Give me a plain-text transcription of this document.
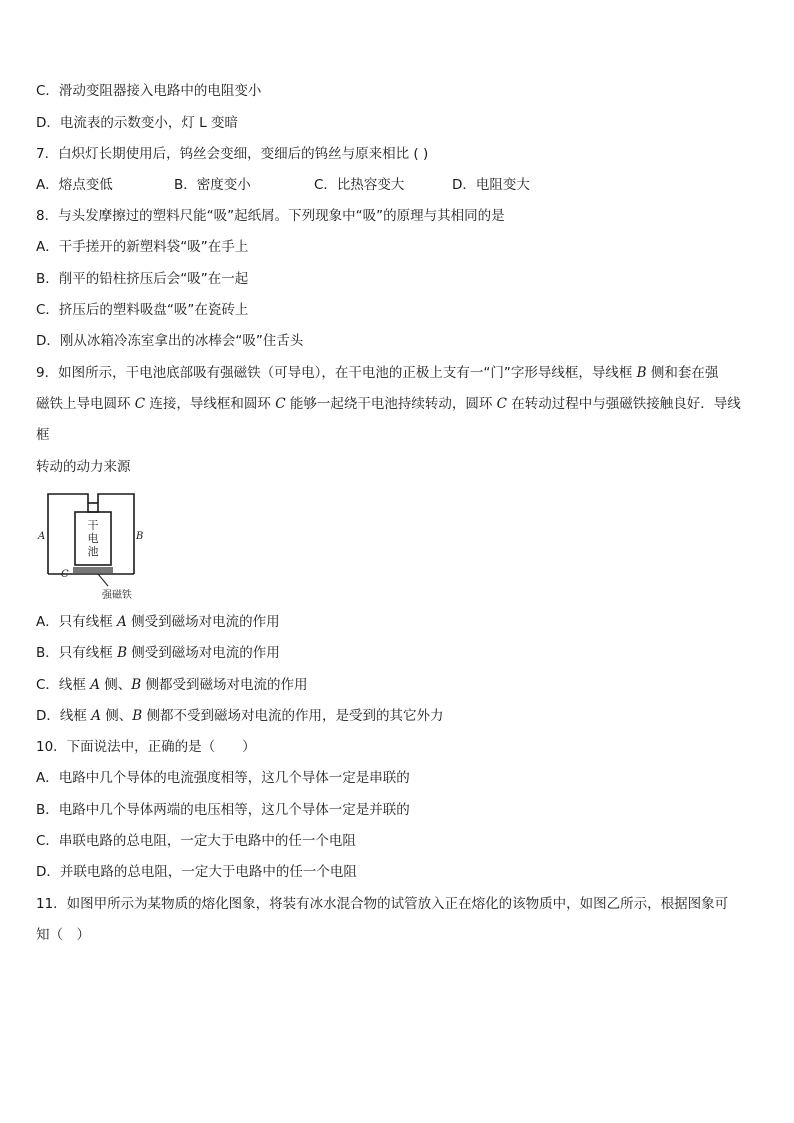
C．滑动变阻器接入电路中的电阻变小
D．电流表的示数变小，灯 L 变暗
7．白炽灯长期使用后，钨丝会变细，变细后的钨丝与原来相比 ( )
A．熔点变低	B．密度变小	C．比热容变大	D．电阻变大
8．与头发摩擦过的塑料尺能“吸”起纸屑。下列现象中“吸”的原理与其相同的是
A．干手搓开的新塑料袋“吸”在手上
B．削平的铅柱挤压后会“吸”在一起
C．挤压后的塑料吸盘“吸”在瓷砖上
D．刚从冰箱冷冻室拿出的冰棒会“吸”住舌头
9．如图所示，干电池底部吸有强磁铁（可导电），在干电池的正极上支有一“门”字形导线框，导线框 B 侧和套在强
磁铁上导电圆环 C 连接，导线框和圆环 C 能够一起绕干电池持续转动，圆环 C 在转动过程中与强磁铁接触良好．导线
框
转动的动力来源
干
电
池
A	B
C
强磁铁
A．只有线框 A 侧受到磁场对电流的作用
B．只有线框 B 侧受到磁场对电流的作用
C．线框 A 侧、B 侧都受到磁场对电流的作用
D．线框 A 侧、B 侧都不受到磁场对电流的作用，是受到的其它外力
10．下面说法中，正确的是（　　）
A．电路中几个导体的电流强度相等，这几个导体一定是串联的
B．电路中几个导体两端的电压相等，这几个导体一定是并联的
C．串联电路的总电阻，一定大于电路中的任一个电阻
D．并联电路的总电阻，一定大于电路中的任一个电阻
11．如图甲所示为某物质的熔化图象，将装有冰水混合物的试管放入正在熔化的该物质中，如图乙所示，根据图象可
知（　）
